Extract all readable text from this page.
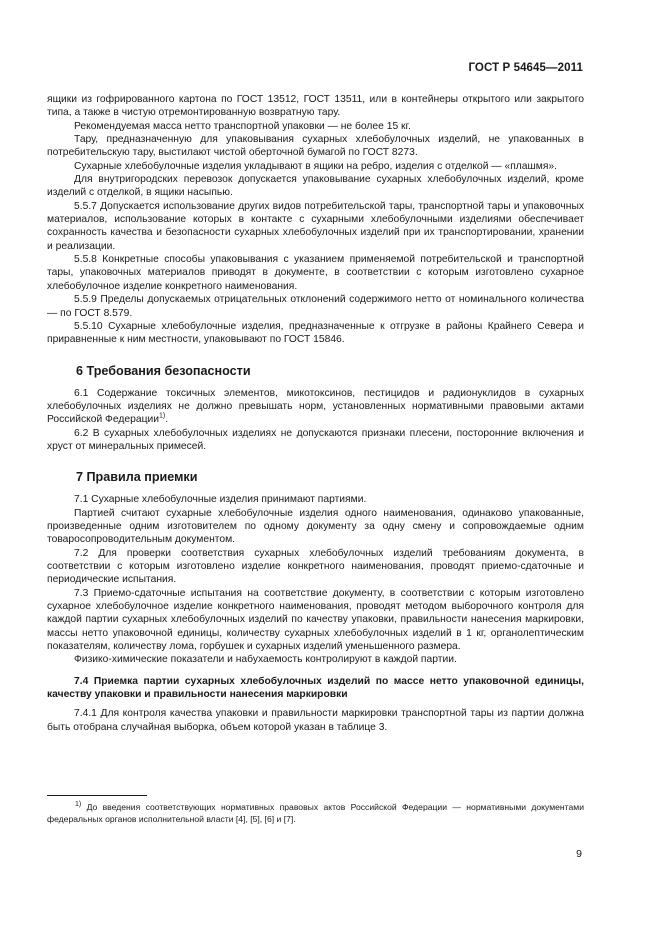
ГОСТ Р 54645—2011

ящики из гофрированного картона по ГОСТ 13512, ГОСТ 13511, или в контейнеры открытого или закрытого типа, а также в чистую отремонтированную возвратную тару.

Рекомендуемая масса нетто транспортной упаковки — не более 15 кг.

Тару, предназначенную для упаковывания сухарных хлебобулочных изделий, не упакованных в потребительскую тару, выстилают чистой оберточной бумагой по ГОСТ 8273.

Сухарные хлебобулочные изделия укладывают в ящики на ребро, изделия с отделкой — «плашмя».

Для внутригородских перевозок допускается упаковывание сухарных хлебобулочных изделий, кроме изделий с отделкой, в ящики насыпью.

5.5.7 Допускается использование других видов потребительской тары, транспортной тары и упаковочных материалов, использование которых в контакте с сухарными хлебобулочными изделиями обеспечивает сохранность качества и безопасности сухарных хлебобулочных изделий при их транспортировании, хранении и реализации.

5.5.8 Конкретные способы упаковывания с указанием применяемой потребительской и транспортной тары, упаковочных материалов приводят в документе, в соответствии с которым изготовлено сухарное хлебобулочное изделие конкретного наименования.

5.5.9 Пределы допускаемых отрицательных отклонений содержимого нетто от номинального количества — по ГОСТ 8.579.

5.5.10 Сухарные хлебобулочные изделия, предназначенные к отгрузке в районы Крайнего Севера и приравненные к ним местности, упаковывают по ГОСТ 15846.

6 Требования безопасности

6.1 Содержание токсичных элементов, микотоксинов, пестицидов и радионуклидов в сухарных хлебобулочных изделиях не должно превышать норм, установленных нормативными правовыми актами Российской Федерации$^{1)}$.

6.2 В сухарных хлебобулочных изделиях не допускаются признаки плесени, посторонние включения и хруст от минеральных примесей.

7 Правила приемки

7.1 Сухарные хлебобулочные изделия принимают партиями.

Партией считают сухарные хлебобулочные изделия одного наименования, одинаково упакованные, произведенные одним изготовителем по одному документу за одну смену и сопровождаемые одним товаросопроводительным документом.

7.2 Для проверки соответствия сухарных хлебобулочных изделий требованиям документа, в соответствии с которым изготовлено изделие конкретного наименования, проводят приемо-сдаточные и периодические испытания.

7.3 Приемо-сдаточные испытания на соответствие документу, в соответствии с которым изготовлено сухарное хлебобулочное изделие конкретного наименования, проводят методом выборочного контроля для каждой партии сухарных хлебобулочных изделий по качеству упаковки, правильности нанесения маркировки, массы нетто упаковочной единицы, количеству сухарных хлебобулочных изделий в 1 кг, органолептическим показателям, количеству лома, горбушек и сухарных изделий уменьшенного размера.

Физико-химические показатели и набухаемость контролируют в каждой партии.

7.4 Приемка партии сухарных хлебобулочных изделий по массе нетто упаковочной единицы, качеству упаковки и правильности нанесения маркировки

7.4.1 Для контроля качества упаковки и правильности маркировки транспортной тары из партии должна быть отобрана случайная выборка, объем которой указан в таблице 3.

$^{1)}$ До введения соответствующих нормативных правовых актов Российской Федерации — нормативными документами федеральных органов исполнительной власти [4], [5], [6] и [7].
9
